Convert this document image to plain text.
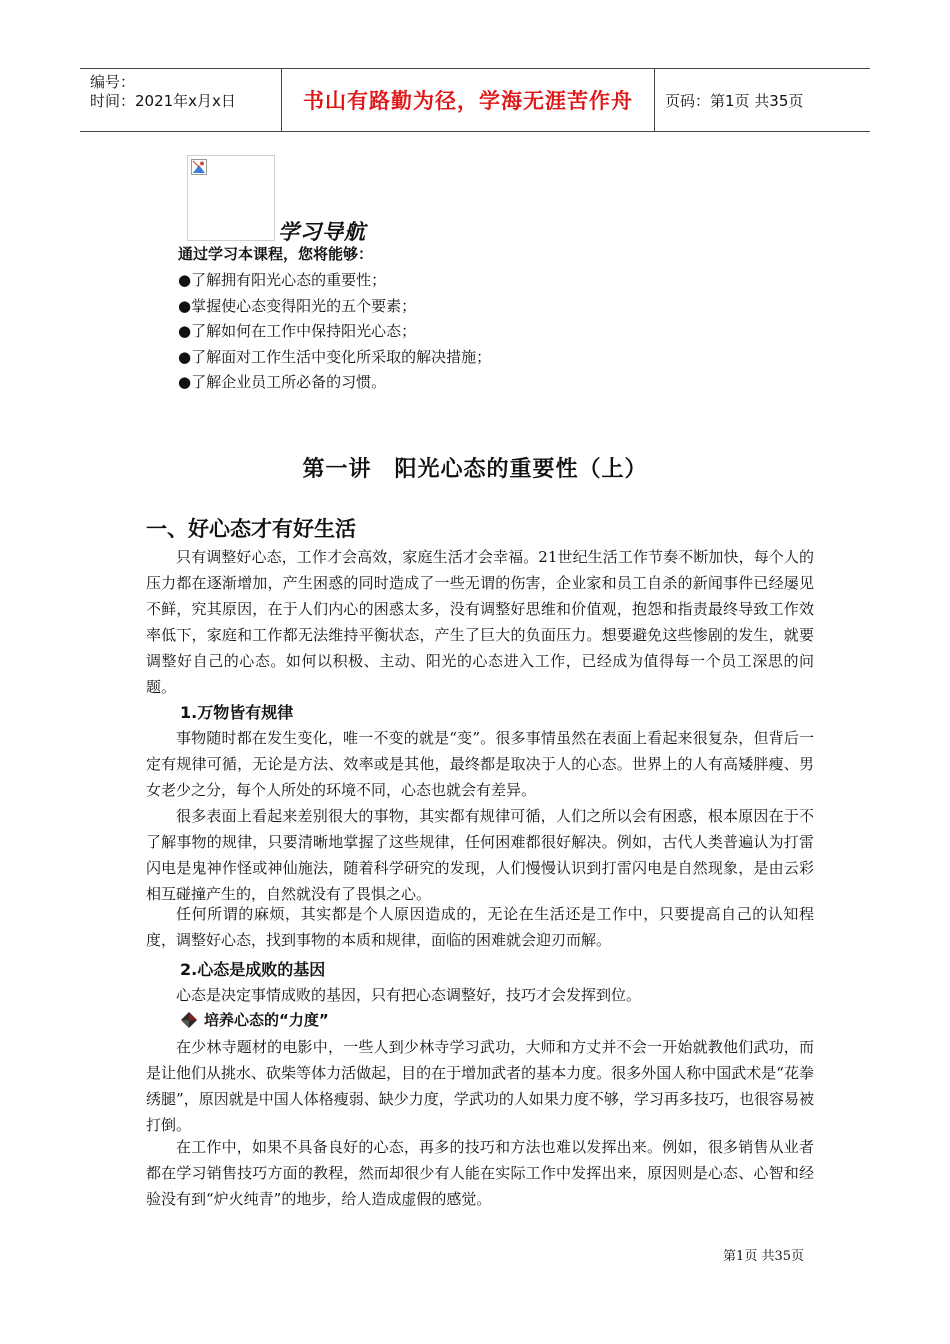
编号：
时间：2021年x月x日	书山有路勤为径，学海无涯苦作舟	页码：第1页 共35页
学习导航
通过学习本课程，您将能够：
●了解拥有阳光心态的重要性；
●掌握使心态变得阳光的五个要素；
●了解如何在工作中保持阳光心态；
●了解面对工作生活中变化所采取的解决措施；
●了解企业员工所必备的习惯。
第一讲　阳光心态的重要性（上）
一、好心态才有好生活

只有调整好心态，工作才会高效，家庭生活才会幸福。21世纪生活工作节奏不断加快，每个人的压力都在逐渐增加，产生困惑的同时造成了一些无谓的伤害，企业家和员工自杀的新闻事件已经屡见不鲜，究其原因，在于人们内心的困惑太多，没有调整好思维和价值观，抱怨和指责最终导致工作效率低下，家庭和工作都无法维持平衡状态，产生了巨大的负面压力。想要避免这些惨剧的发生，就要调整好自己的心态。如何以积极、主动、阳光的心态进入工作，已经成为值得每一个员工深思的问题。

1.万物皆有规律

事物随时都在发生变化，唯一不变的就是“变”。很多事情虽然在表面上看起来很复杂，但背后一定有规律可循，无论是方法、效率或是其他，最终都是取决于人的心态。世界上的人有高矮胖瘦、男女老少之分，每个人所处的环境不同，心态也就会有差异。

很多表面上看起来差别很大的事物，其实都有规律可循，人们之所以会有困惑，根本原因在于不了解事物的规律，只要清晰地掌握了这些规律，任何困难都很好解决。例如，古代人类普遍认为打雷闪电是鬼神作怪或神仙施法，随着科学研究的发现，人们慢慢认识到打雷闪电是自然现象，是由云彩相互碰撞产生的，自然就没有了畏惧之心。

任何所谓的麻烦，其实都是个人原因造成的，无论在生活还是工作中，只要提高自己的认知程度，调整好心态，找到事物的本质和规律，面临的困难就会迎刃而解。

2.心态是成败的基因

心态是决定事情成败的基因，只有把心态调整好，技巧才会发挥到位。

培养心态的“力度”

在少林寺题材的电影中，一些人到少林寺学习武功，大师和方丈并不会一开始就教他们武功，而是让他们从挑水、砍柴等体力活做起，目的在于增加武者的基本力度。很多外国人称中国武术是“花拳绣腿”，原因就是中国人体格瘦弱、缺少力度，学武功的人如果力度不够，学习再多技巧，也很容易被打倒。

在工作中，如果不具备良好的心态，再多的技巧和方法也难以发挥出来。例如，很多销售从业者都在学习销售技巧方面的教程，然而却很少有人能在实际工作中发挥出来，原因则是心态、心智和经验没有到“炉火纯青”的地步，给人造成虚假的感觉。

第1页 共35页
